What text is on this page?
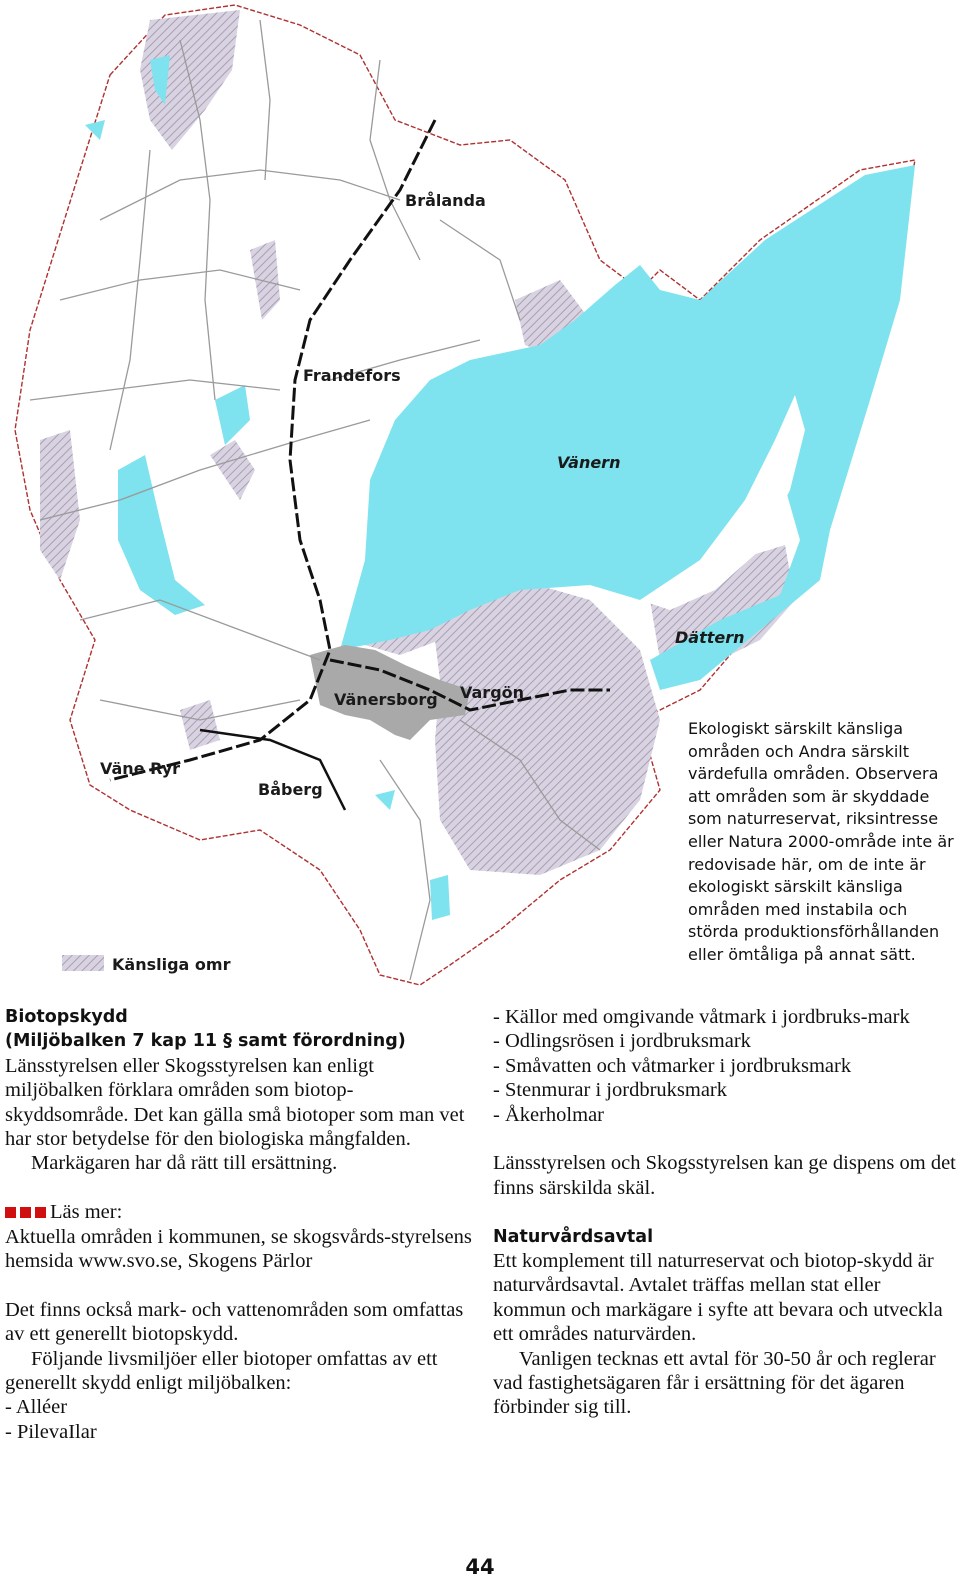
Brålanda
Frandefors
Vänern
Dättern
Vänersborg Vargön
Väne Ryr
Båberg
Känsliga omr

Ekologiskt särskilt känsliga områden och Andra särskilt värdefulla områden. Observera att områden som är skyddade som naturreservat, riksintresse eller Natura 2000-område inte är redovisade här, om de inte är ekologiskt särskilt känsliga områden med instabila och störda produktionsförhållanden eller ömtåliga på annat sätt.

Biotopskydd

(Miljöbalken 7 kap 11 § samt förordning)

Länsstyrelsen eller Skogsstyrelsen kan enligt miljöbalken förklara områden som biotop-skyddsområde. Det kan gälla små biotoper som man vet har stor betydelse för den biologiska mångfalden.

Markägaren har då rätt till ersättning.

Läs mer:

Aktuella områden i kommunen, se skogsvårds-styrelsens hemsida www.svo.se, Skogens Pärlor

Det finns också mark- och vattenområden som omfattas av ett generellt biotopskydd.

Följande livsmiljöer eller biotoper omfattas av ett generellt skydd enligt miljöbalken:

- Alléer

- PilevaIlar

- Källor med omgivande våtmark i jordbruks-mark

- Odlingsrösen i jordbruksmark

- Småvatten och våtmarker i jordbruksmark

- Stenmurar i jordbruksmark

- Åkerholmar

Länsstyrelsen och Skogsstyrelsen kan ge dispens om det finns särskilda skäl.

Naturvårdsavtal

Ett komplement till naturreservat och biotop-skydd är naturvårdsavtal. Avtalet träffas mellan stat eller kommun och markägare i syfte att bevara och utveckla ett områdes naturvärden.

Vanligen tecknas ett avtal för 30-50 år och reglerar vad fastighetsägaren får i ersättning för det ägaren förbinder sig till.

44
